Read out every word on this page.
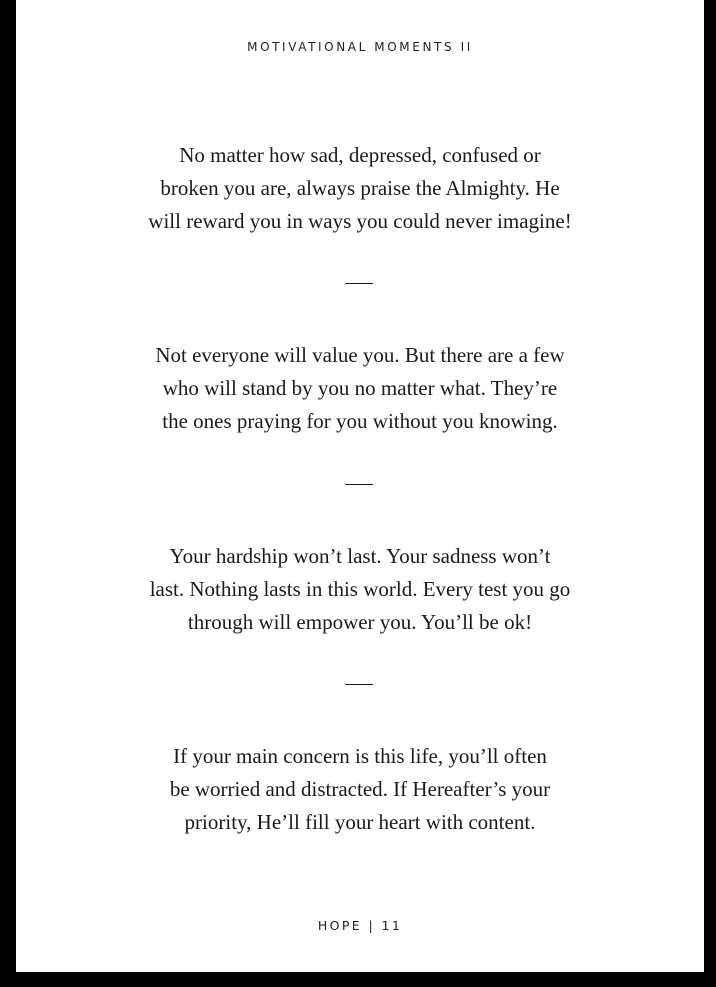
MOTIVATIONAL MOMENTS II
No matter how sad, depressed, confused or
broken you are, always praise the Almighty. He
will reward you in ways you could never imagine!
Not everyone will value you. But there are a few
who will stand by you no matter what. They’re
the ones praying for you without you knowing.
Your hardship won’t last. Your sadness won’t
last. Nothing lasts in this world. Every test you go
through will empower you. You’ll be ok!
If your main concern is this life, you’ll often
be worried and distracted. If Hereafter’s your
priority, He’ll fill your heart with content.
HOPE | 11
